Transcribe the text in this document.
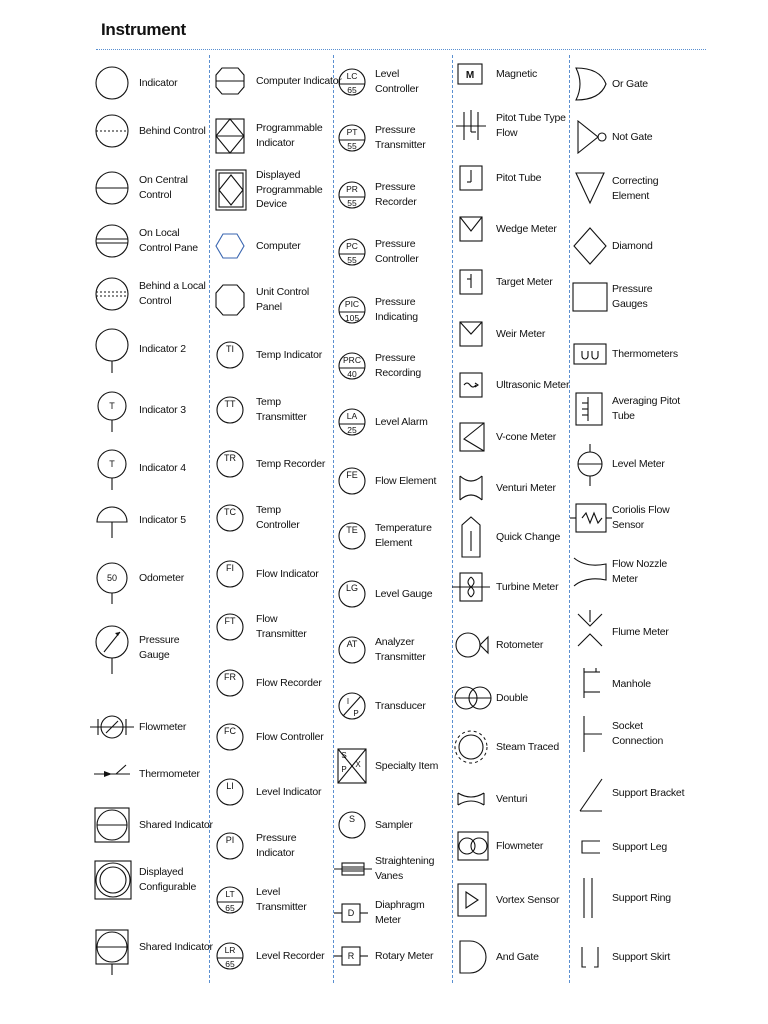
Instrument
Indicator
Behind Control
On Central
Control
On Local
Control Pane
Behind a Local
Control
Indicator 2
T Indicator 3
T Indicator 4
Indicator 5
50 Odometer
Pressure
Gauge
Flowmeter
Thermometer
Shared Indicator
Displayed
Configurable
Shared Indicator
Computer Indicator
Programmable
Indicator
Displayed
Programmable
Device
Computer
Unit Control
Panel
TI Temp Indicator
TT Temp
Transmitter
TR Temp Recorder
TC Temp
Controller
FI Flow Indicator
FT Flow
Transmitter
FR Flow Recorder
FC Flow Controller
LI Level Indicator
PI Pressure
Indicator
LT
65
Level
Transmitter
LR
65
Level Recorder
LC
65
Level
Controller
PT
55
Pressure
Transmitter
PR
55
Pressure
Recorder
PC
55
Pressure
Controller
PIC
105
Pressure
Indicating
PRC
40
Pressure
Recording
LA
25
Level Alarm
FE Flow Element
TE Temperature
Element
LG Level Gauge
AT Analyzer
Transmitter
I
P
Transducer
S
P
X Specialty Item
S Sampler
Straightening
Vanes
D
Diaphragm
Meter
R Rotary Meter
M Magnetic
Pitot Tube Type
Flow
Pitot Tube
Wedge Meter
Target Meter
Weir Meter
Ultrasonic Meter
V-cone Meter
Venturi Meter
Quick Change
Turbine Meter
Rotometer
Double
Steam Traced
Venturi
Flowmeter
Vortex Sensor
And Gate
Or Gate
Not Gate
Correcting
Element
Diamond
Pressure
Gauges
Thermometers
Averaging Pitot
Tube
Level Meter
Coriolis Flow
Sensor
Flow Nozzle
Meter
Flume Meter
Manhole
Socket
Connection
Support Bracket
Support Leg
Support Ring
Support Skirt
